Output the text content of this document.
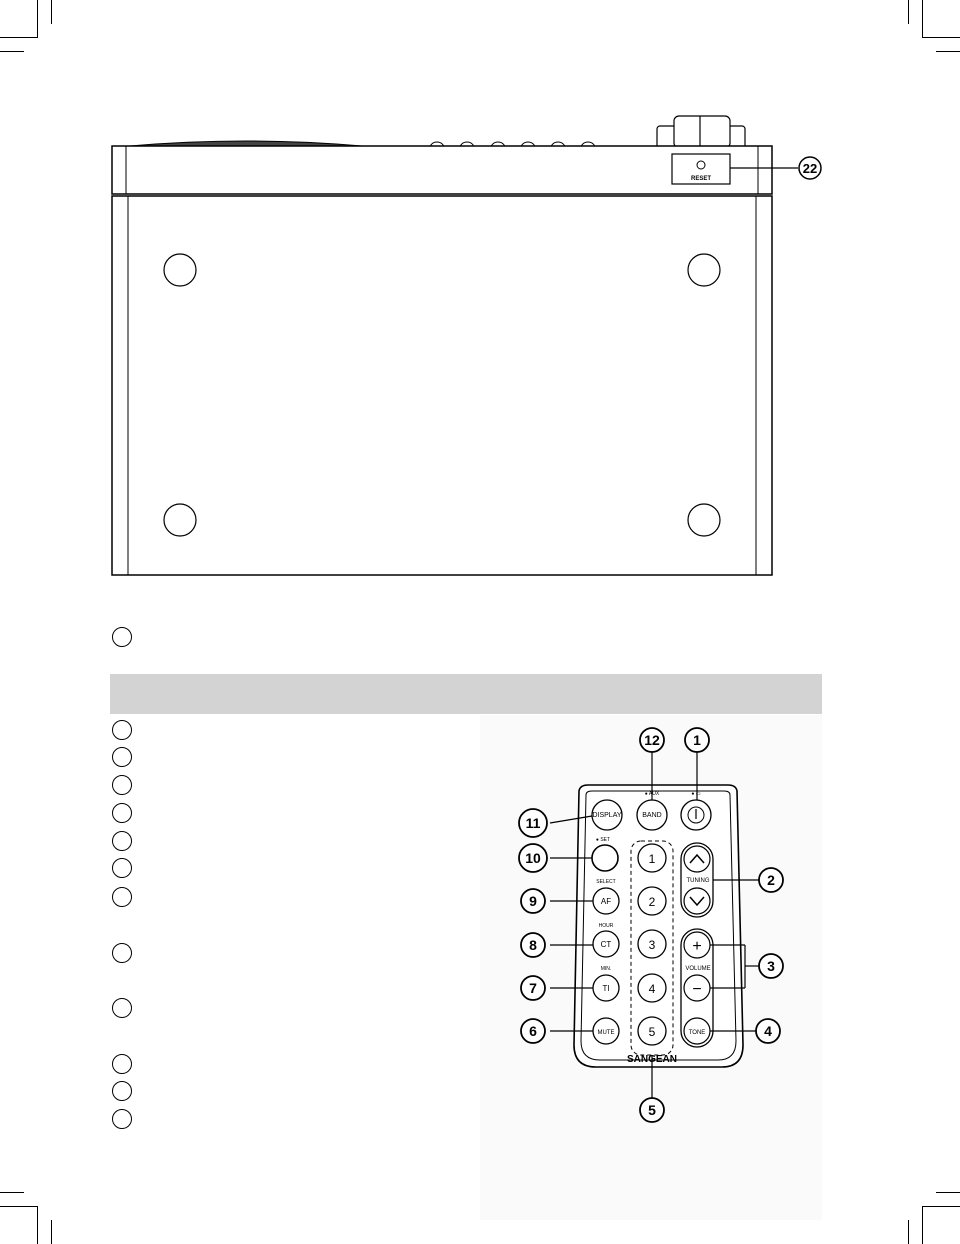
RESET
22
DISPLAY	BAND
● AUX	● ▭
● SET
SELECT
AF
HOUR
CT
MIN.
TI
MUTE
1
2
3
4
5
TUNING
+
VOLUME
−
TONE
SANGEAN
12 1
11
10
9
8
7
6
2
3
4
5
